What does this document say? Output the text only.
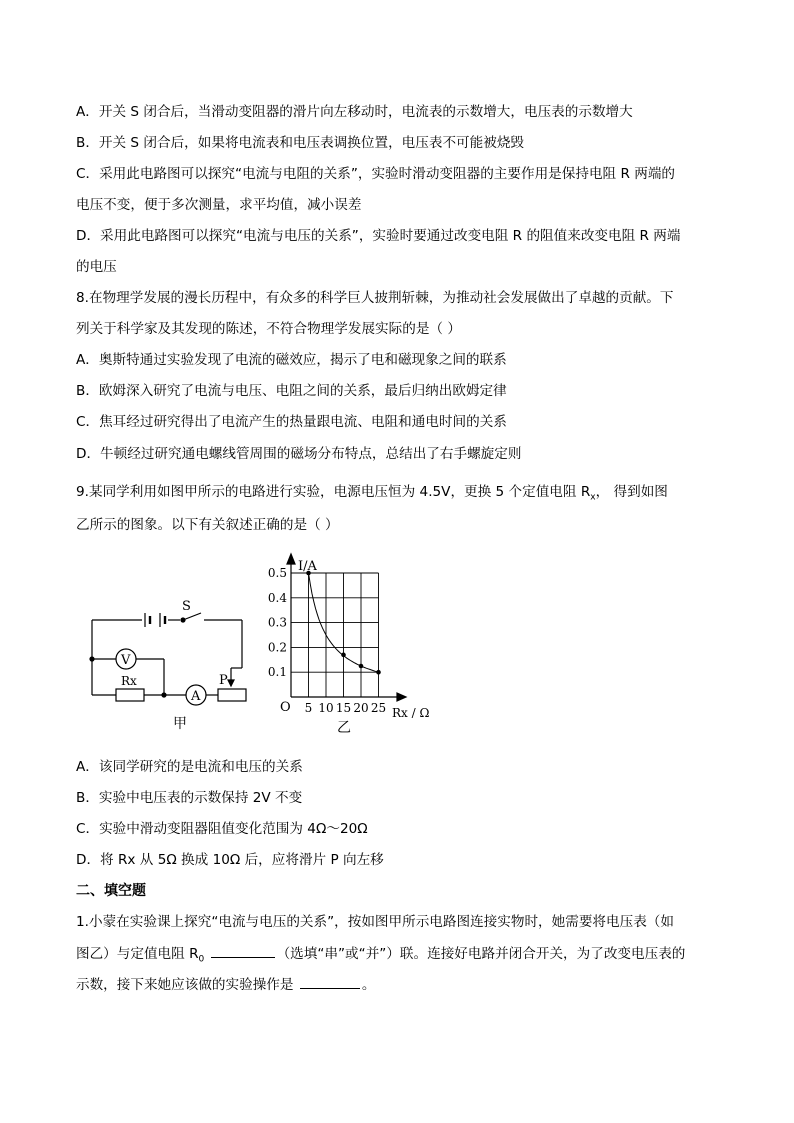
A．开关 S 闭合后，当滑动变阻器的滑片向左移动时，电流表的示数增大，电压表的示数增大
B．开关 S 闭合后，如果将电流表和电压表调换位置，电压表不可能被烧毁
C．采用此电路图可以探究“电流与电阻的关系”，实验时滑动变阻器的主要作用是保持电阻 R 两端的
电压不变，便于多次测量，求平均值，减小误差
D．采用此电路图可以探究“电流与电压的关系”，实验时要通过改变电阻 R 的阻值来改变电阻 R 两端
的电压
8.在物理学发展的漫长历程中，有众多的科学巨人披荆斩棘，为推动社会发展做出了卓越的贡献。下
列关于科学家及其发现的陈述，不符合物理学发展实际的是（ ）
A．奥斯特通过实验发现了电流的磁效应，揭示了电和磁现象之间的联系
B．欧姆深入研究了电流与电压、电阻之间的关系，最后归纳出欧姆定律
C．焦耳经过研究得出了电流产生的热量跟电流、电阻和通电时间的关系
D．牛顿经过研究通电螺线管周围的磁场分布特点，总结出了右手螺旋定则
9.某同学利用如图甲所示的电路进行实验，电源电压恒为 4.5V，更换 5 个定值电阻 $R_x$， 得到如图
乙所示的图象。以下有关叙述正确的是（ ）
S
V
A
Rx	P
甲
0.5
0.4
0.3
0.2
0.1
5 10 15 20 25
I/A
Rx / Ω
O
乙
A．该同学研究的是电流和电压的关系
B．实验中电压表的示数保持 2V 不变
C．实验中滑动变阻器阻值变化范围为 4Ω～20Ω
D．将 Rx 从 5Ω 换成 10Ω 后，应将滑片 P 向左移
二、填空题
1.小蒙在实验课上探究“电流与电压的关系”，按如图甲所示电路图连接实物时，她需要将电压表（如
图乙）与定值电阻 $R_0$	（选填“串”或“并”）联。连接好电路并闭合开关，为了改变电压表的
示数，接下来她应该做的实验操作是	。
